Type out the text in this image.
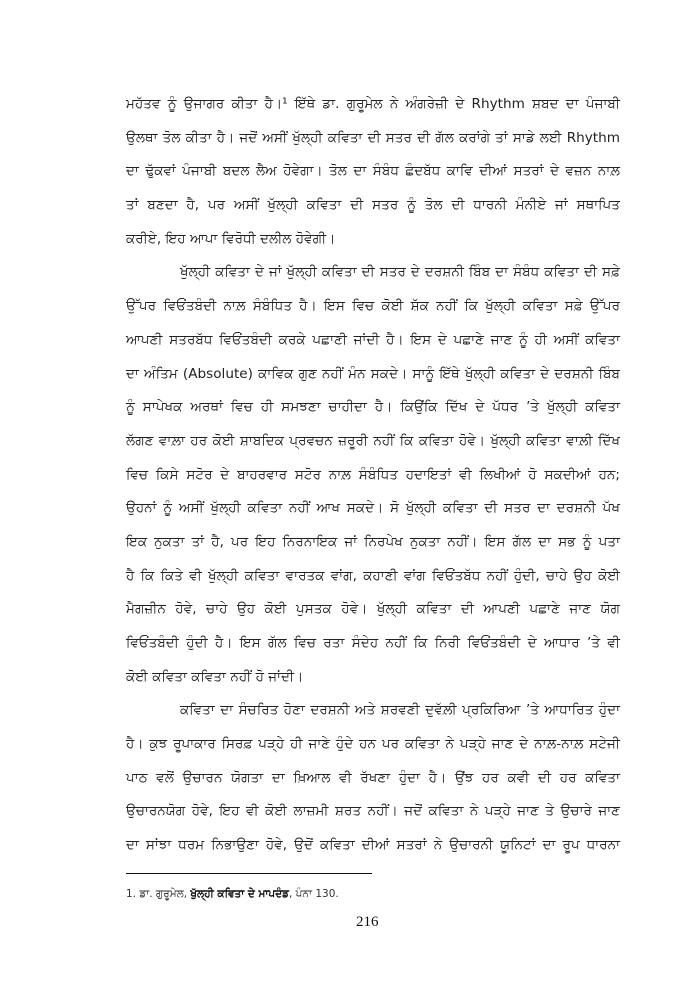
ਮਹੱਤਵ ਨੂੰ ਉਜਾਗਰ ਕੀਤਾ ਹੈ।¹ ਇੱਥੇ ਡਾ. ਗੁਰੂਮੇਲ ਨੇ ਅੰਗਰੇਜ਼ੀ ਦੇ Rhythm ਸ਼ਬਦ ਦਾ ਪੰਜਾਬੀ
ਉਲਥਾ ਤੋਲ ਕੀਤਾ ਹੈ। ਜਦੋਂ ਅਸੀਂ ਖੁੱਲ੍ਹੀ ਕਵਿਤਾ ਦੀ ਸਤਰ ਦੀ ਗੱਲ ਕਰਾਂਗੇ ਤਾਂ ਸਾਡੇ ਲਈ Rhythm
ਦਾ ਢੁੱਕਵਾਂ ਪੰਜਾਬੀ ਬਦਲ ਲੈਅ ਹੋਵੇਗਾ। ਤੋਲ ਦਾ ਸੰਬੰਧ ਛੰਦਬੱਧ ਕਾਵਿ ਦੀਆਂ ਸਤਰਾਂ ਦੇ ਵਜ਼ਨ ਨਾਲ਼
ਤਾਂ ਬਣਦਾ ਹੈ, ਪਰ ਅਸੀਂ ਖੁੱਲ੍ਹੀ ਕਵਿਤਾ ਦੀ ਸਤਰ ਨੂੰ ਤੋਲ ਦੀ ਧਾਰਨੀ ਮੰਨੀਏ ਜਾਂ ਸਥਾਪਿਤ
ਕਰੀਏ, ਇਹ ਆਪਾ ਵਿਰੋਧੀ ਦਲੀਲ ਹੋਵੇਗੀ।
ਖੁੱਲ੍ਹੀ ਕਵਿਤਾ ਦੇ ਜਾਂ ਖੁੱਲ੍ਹੀ ਕਵਿਤਾ ਦੀ ਸਤਰ ਦੇ ਦਰਸ਼ਨੀ ਬਿੰਬ ਦਾ ਸੰਬੰਧ ਕਵਿਤਾ ਦੀ ਸਫ਼ੇ
ਉੱਪਰ ਵਿਓਂਤਬੰਦੀ ਨਾਲ਼ ਸੰਬੰਧਿਤ ਹੈ। ਇਸ ਵਿਚ ਕੋਈ ਸ਼ੱਕ ਨਹੀਂ ਕਿ ਖੁੱਲ੍ਹੀ ਕਵਿਤਾ ਸਫ਼ੇ ਉੱਪਰ
ਆਪਣੀ ਸਤਰਬੱਧ ਵਿਓਂਤਬੰਦੀ ਕਰਕੇ ਪਛਾਣੀ ਜਾਂਦੀ ਹੈ। ਇਸ ਦੇ ਪਛਾਣੇ ਜਾਣ ਨੂੰ ਹੀ ਅਸੀਂ ਕਵਿਤਾ
ਦਾ ਅੰਤਿਮ (Absolute) ਕਾਵਿਕ ਗੁਣ ਨਹੀਂ ਮੰਨ ਸਕਦੇ। ਸਾਨੂੰ ਇੱਥੇ ਖੁੱਲ੍ਹੀ ਕਵਿਤਾ ਦੇ ਦਰਸ਼ਨੀ ਬਿੰਬ
ਨੂੰ ਸਾਪੇਖਕ ਅਰਥਾਂ ਵਿਚ ਹੀ ਸਮਝਣਾ ਚਾਹੀਦਾ ਹੈ। ਕਿਉਂਕਿ ਦਿੱਖ ਦੇ ਪੱਧਰ ’ਤੇ ਖੁੱਲ੍ਹੀ ਕਵਿਤਾ
ਲੱਗਣ ਵਾਲ਼ਾ ਹਰ ਕੋਈ ਸ਼ਾਬਦਿਕ ਪ੍ਰਵਚਨ ਜ਼ਰੂਰੀ ਨਹੀਂ ਕਿ ਕਵਿਤਾ ਹੋਵੇ। ਖੁੱਲ੍ਹੀ ਕਵਿਤਾ ਵਾਲ਼ੀ ਦਿੱਖ
ਵਿਚ ਕਿਸੇ ਸਟੋਰ ਦੇ ਬਾਹਰਵਾਰ ਸਟੋਰ ਨਾਲ਼ ਸੰਬੰਧਿਤ ਹਦਾਇਤਾਂ ਵੀ ਲਿਖੀਆਂ ਹੋ ਸਕਦੀਆਂ ਹਨ;
ਉਹਨਾਂ ਨੂੰ ਅਸੀਂ ਖੁੱਲ੍ਹੀ ਕਵਿਤਾ ਨਹੀਂ ਆਖ ਸਕਦੇ। ਸੋ ਖੁੱਲ੍ਹੀ ਕਵਿਤਾ ਦੀ ਸਤਰ ਦਾ ਦਰਸ਼ਨੀ ਪੱਖ
ਇਕ ਨੁਕਤਾ ਤਾਂ ਹੈ, ਪਰ ਇਹ ਨਿਰਨਾਇਕ ਜਾਂ ਨਿਰਪੇਖ ਨੁਕਤਾ ਨਹੀਂ। ਇਸ ਗੱਲ ਦਾ ਸਭ ਨੂੰ ਪਤਾ
ਹੈ ਕਿ ਕਿਤੇ ਵੀ ਖੁੱਲ੍ਹੀ ਕਵਿਤਾ ਵਾਰਤਕ ਵਾਂਗ, ਕਹਾਣੀ ਵਾਂਗ ਵਿਓਂਤਬੱਧ ਨਹੀਂ ਹੁੰਦੀ, ਚਾਹੇ ਉਹ ਕੋਈ
ਮੈਗਜ਼ੀਨ ਹੋਵੇ, ਚਾਹੇ ਉਹ ਕੋਈ ਪੁਸਤਕ ਹੋਵੇ। ਖੁੱਲ੍ਹੀ ਕਵਿਤਾ ਦੀ ਆਪਣੀ ਪਛਾਣੇ ਜਾਣ ਯੋਗ
ਵਿਓਂਤਬੰਦੀ ਹੁੰਦੀ ਹੈ। ਇਸ ਗੱਲ ਵਿਚ ਰਤਾ ਸੰਦੇਹ ਨਹੀਂ ਕਿ ਨਿਰੀ ਵਿਓਂਤਬੰਦੀ ਦੇ ਆਧਾਰ ’ਤੇ ਵੀ
ਕੋਈ ਕਵਿਤਾ ਕਵਿਤਾ ਨਹੀਂ ਹੋ ਜਾਂਦੀ।
ਕਵਿਤਾ ਦਾ ਸੰਚਰਿਤ ਹੋਣਾ ਦਰਸ਼ਨੀ ਅਤੇ ਸ਼ਰਵਣੀ ਦੁਵੱਲ਼ੀ ਪ੍ਰਕਿਰਿਆ ’ਤੇ ਆਧਾਰਿਤ ਹੁੰਦਾ
ਹੈ। ਕੁਝ ਰੂਪਾਕਾਰ ਸਿਰਫ਼ ਪੜ੍ਹੇ ਹੀ ਜਾਣੇ ਹੁੰਦੇ ਹਨ ਪਰ ਕਵਿਤਾ ਨੇ ਪੜ੍ਹੇ ਜਾਣ ਦੇ ਨਾਲ਼-ਨਾਲ਼ ਸਟੇਜੀ
ਪਾਠ ਵਲੋਂ ਉਚਾਰਨ ਯੋਗਤਾ ਦਾ ਖ਼ਿਆਲ ਵੀ ਰੱਖਣਾ ਹੁੰਦਾ ਹੈ। ਉਂਝ ਹਰ ਕਵੀ ਦੀ ਹਰ ਕਵਿਤਾ
ਉਚਾਰਨਯੋਗ ਹੋਵੇ, ਇਹ ਵੀ ਕੋਈ ਲਾਜ਼ਮੀ ਸ਼ਰਤ ਨਹੀਂ। ਜਦੋਂ ਕਵਿਤਾ ਨੇ ਪੜ੍ਹੇ ਜਾਣ ਤੇ ਉਚਾਰੇ ਜਾਣ
ਦਾ ਸਾਂਝਾ ਧਰਮ ਨਿਭਾਉਣਾ ਹੋਵੇ, ਉਦੋਂ ਕਵਿਤਾ ਦੀਆਂ ਸਤਰਾਂ ਨੇ ਉਚਾਰਨੀ ਯੂਨਿਟਾਂ ਦਾ ਰੂਪ ਧਾਰਨਾ
1. ਡਾ. ਗੁਰੂਮੇਲ, ਖੁੱਲ੍ਹੀ ਕਵਿਤਾ ਦੇ ਮਾਪਦੰਡ, ਪੰਨਾ 130.
216
